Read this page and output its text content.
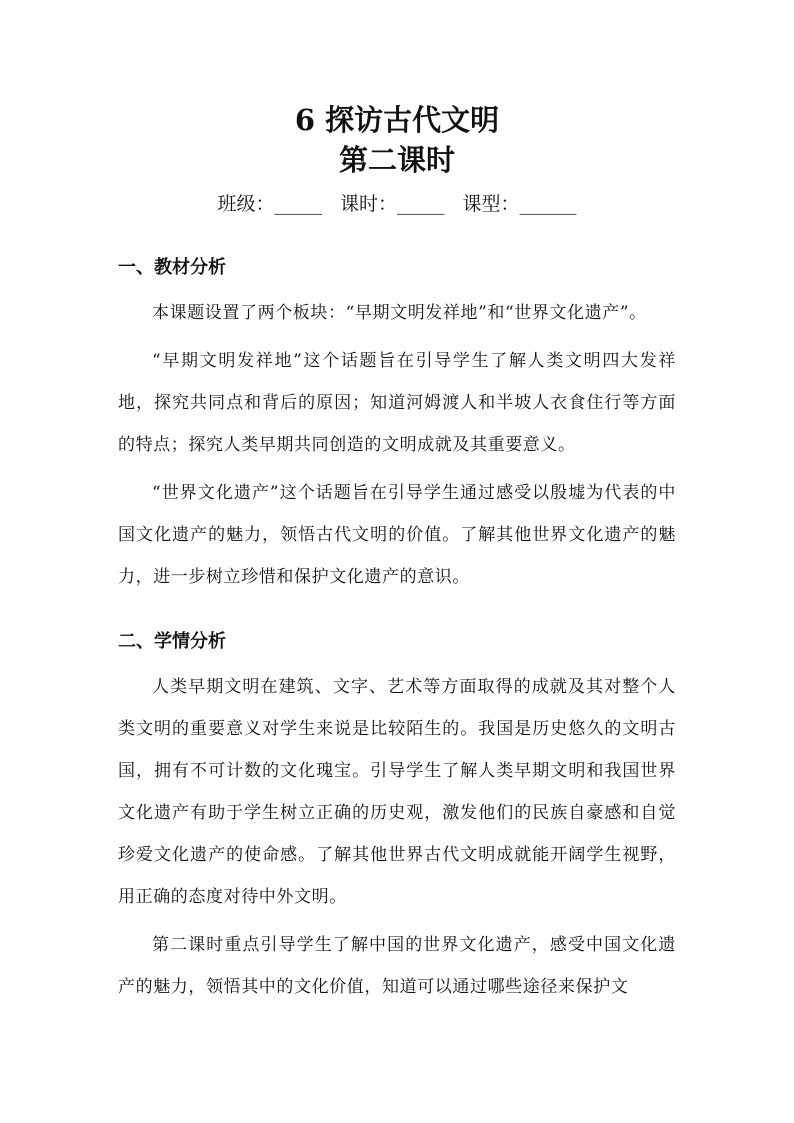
6 探访古代文明
第二课时
班级：_____ 课时：_____ 课型：______
一、教材分析

本课题设置了两个板块：“早期文明发祥地”和“世界文化遗产”。

“早期文明发祥地”这个话题旨在引导学生了解人类文明四大发祥地，探究共同点和背后的原因；知道河姆渡人和半坡人衣食住行等方面的特点；探究人类早期共同创造的文明成就及其重要意义。

“世界文化遗产”这个话题旨在引导学生通过感受以殷墟为代表的中国文化遗产的魅力，领悟古代文明的价值。了解其他世界文化遗产的魅力，进一步树立珍惜和保护文化遗产的意识。

二、学情分析

人类早期文明在建筑、文字、艺术等方面取得的成就及其对整个人类文明的重要意义对学生来说是比较陌生的。我国是历史悠久的文明古国，拥有不可计数的文化瑰宝。引导学生了解人类早期文明和我国世界文化遗产有助于学生树立正确的历史观，激发他们的民族自豪感和自觉珍爱文化遗产的使命感。了解其他世界古代文明成就能开阔学生视野，用正确的态度对待中外文明。

第二课时重点引导学生了解中国的世界文化遗产，感受中国文化遗产的魅力，领悟其中的文化价值，知道可以通过哪些途径来保护文
